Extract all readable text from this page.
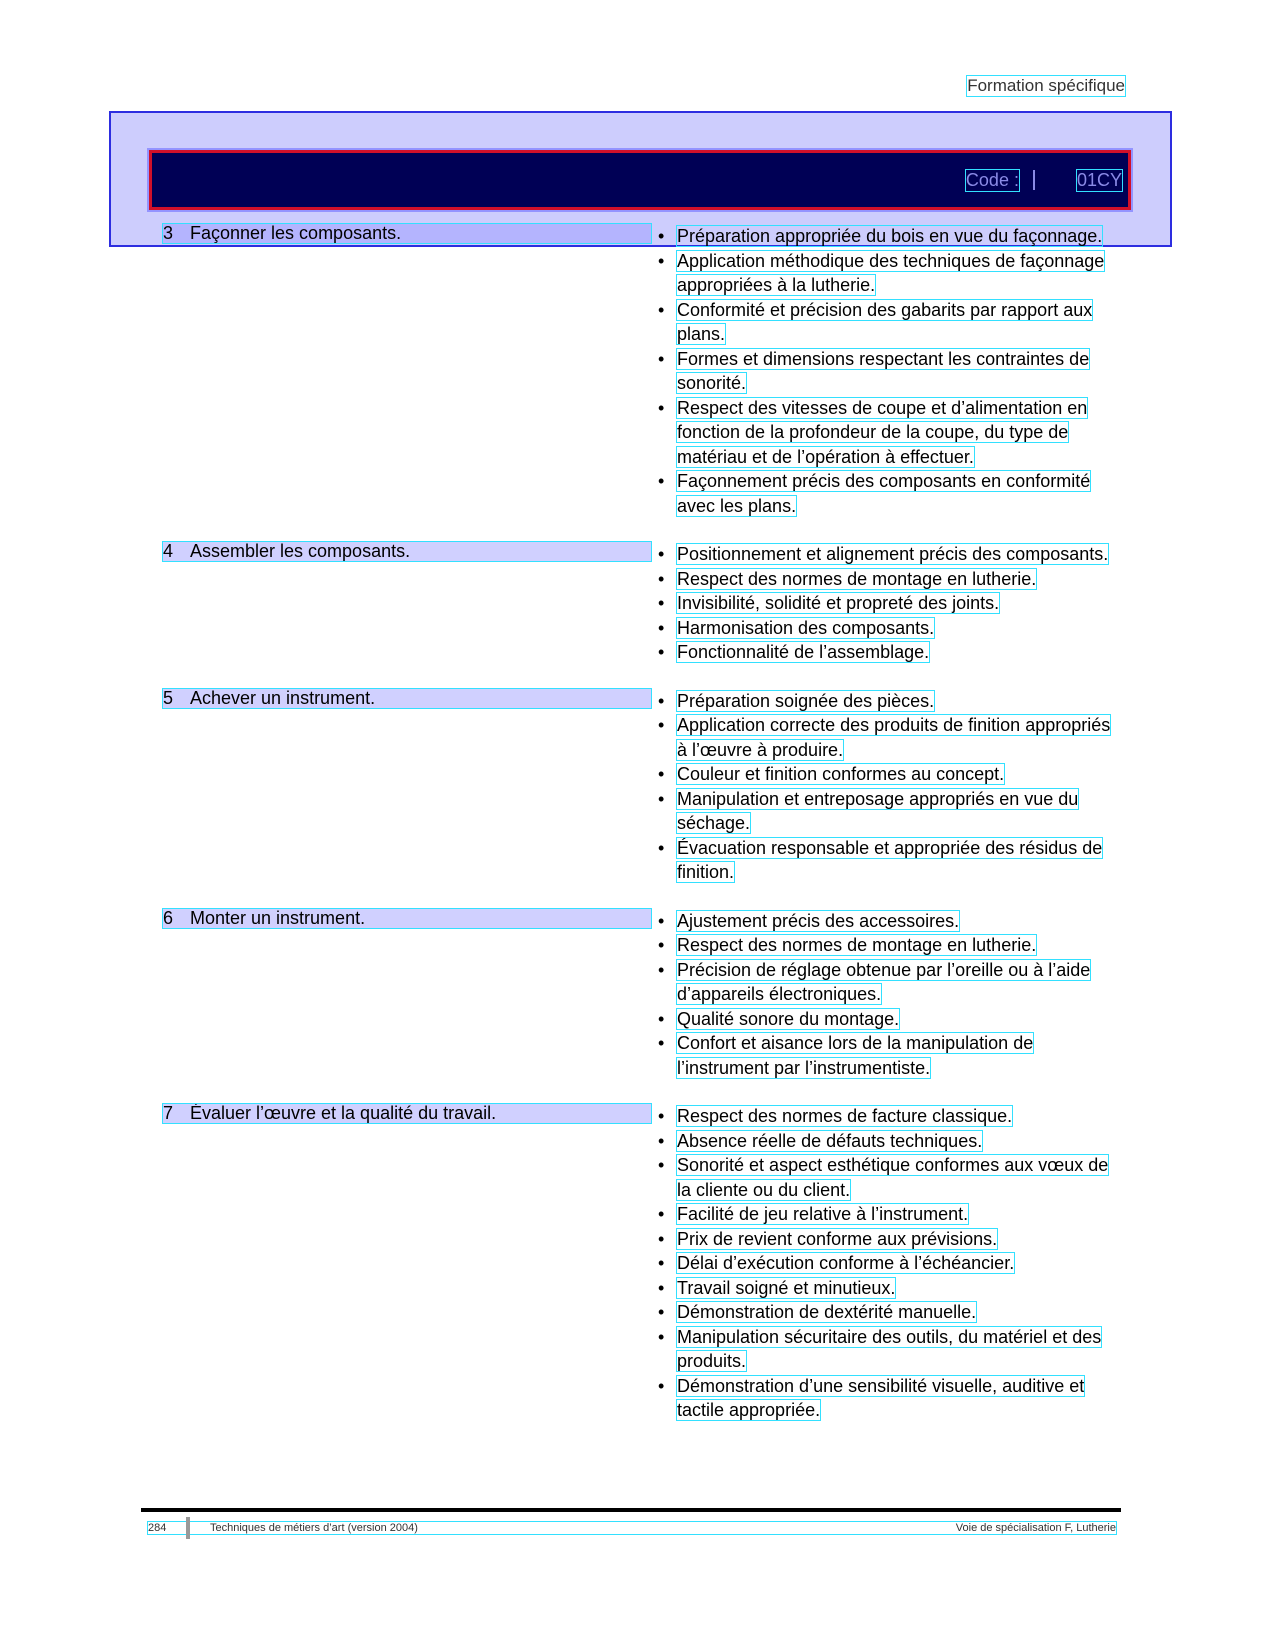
Formation spécifique
Code :	01CY
3 Façonner les composants.	• Préparation appropriée du bois en vue du façonnage.
• Application méthodique des techniques de façonnage appropriées à la lutherie.
• Conformité et précision des gabarits par rapport aux plans.
• Formes et dimensions respectant les contraintes de sonorité.
• Respect des vitesses de coupe et d’alimentation en fonction de la profondeur de la coupe, du type de matériau et de l’opération à effectuer.
• Façonnement précis des composants en conformité avec les plans.
4 Assembler les composants.	• Positionnement et alignement précis des composants.
• Respect des normes de montage en lutherie.
• Invisibilité, solidité et propreté des joints.
• Harmonisation des composants.
• Fonctionnalité de l’assemblage.
5 Achever un instrument.	• Préparation soignée des pièces.
• Application correcte des produits de finition appropriés à l’œuvre à produire.
• Couleur et finition conformes au concept.
• Manipulation et entreposage appropriés en vue du séchage.
• Évacuation responsable et appropriée des résidus de finition.
6 Monter un instrument.	• Ajustement précis des accessoires.
• Respect des normes de montage en lutherie.
• Précision de réglage obtenue par l’oreille ou à l’aide d’appareils électroniques.
• Qualité sonore du montage.
• Confort et aisance lors de la manipulation de l’instrument par l’instrumentiste.
7 Évaluer l’œuvre et la qualité du travail.	• Respect des normes de facture classique.
• Absence réelle de défauts techniques.
• Sonorité et aspect esthétique conformes aux vœux de la cliente ou du client.
• Facilité de jeu relative à l’instrument.
• Prix de revient conforme aux prévisions.
• Délai d’exécution conforme à l’échéancier.
• Travail soigné et minutieux.
• Démonstration de dextérité manuelle.
• Manipulation sécuritaire des outils, du matériel et des produits.
• Démonstration d’une sensibilité visuelle, auditive et tactile appropriée.
284	Techniques de métiers d’art (version 2004)	Voie de spécialisation F, Lutherie
